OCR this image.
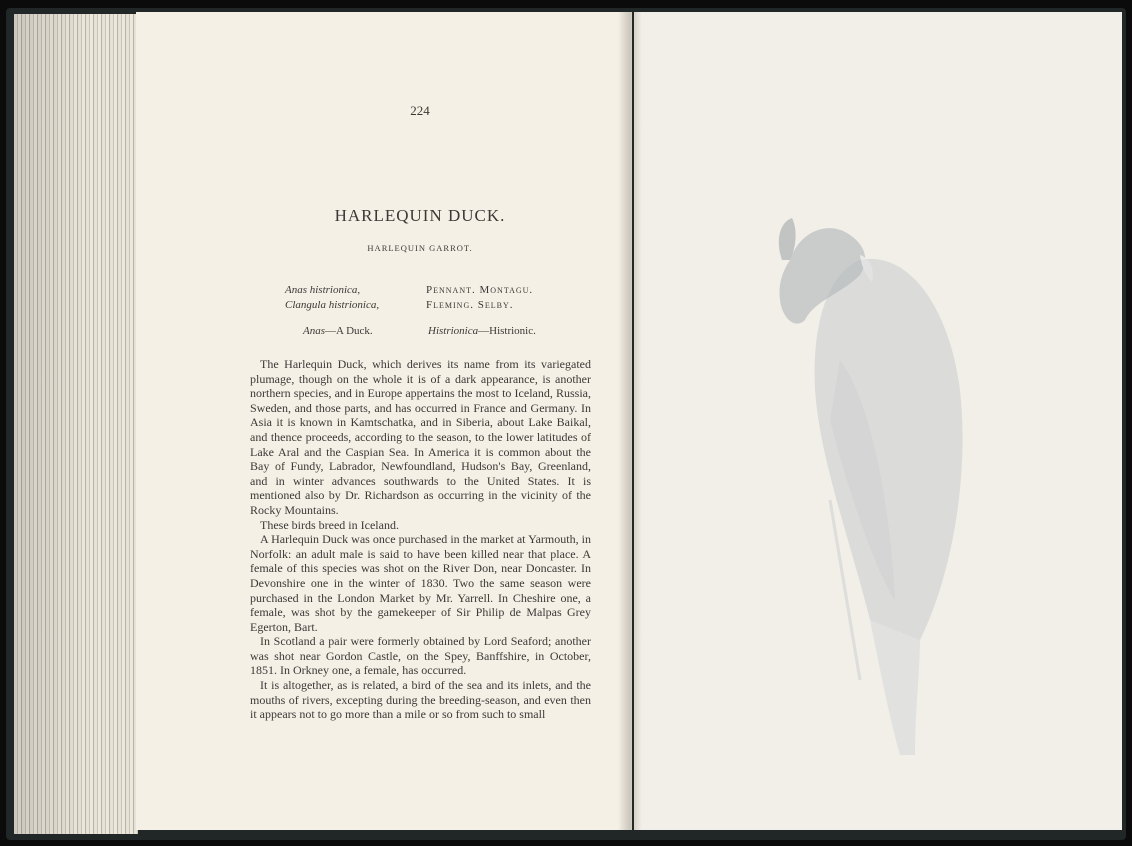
224
HARLEQUIN DUCK.
HARLEQUIN GARROT.
Anas histrionica,
Clangula histrionica,
Pennant. Montagu.
Fleming. Selby.
Anas—A Duck.	Histrionica—Histrionic.

The Harlequin Duck, which derives its name from its variegated plumage, though on the whole it is of a dark appearance, is another northern species, and in Europe appertains the most to Iceland, Russia, Sweden, and those parts, and has occurred in France and Germany. In Asia it is known in Kamtschatka, and in Siberia, about Lake Baikal, and thence proceeds, according to the season, to the lower latitudes of Lake Aral and the Caspian Sea. In America it is common about the Bay of Fundy, Labrador, Newfoundland, Hudson's Bay, Greenland, and in winter advances southwards to the United States. It is mentioned also by Dr. Richardson as occurring in the vicinity of the Rocky Mountains.

These birds breed in Iceland.

A Harlequin Duck was once purchased in the market at Yarmouth, in Norfolk: an adult male is said to have been killed near that place. A female of this species was shot on the River Don, near Doncaster. In Devonshire one in the winter of 1830. Two the same season were purchased in the London Market by Mr. Yarrell. In Cheshire one, a female, was shot by the gamekeeper of Sir Philip de Malpas Grey Egerton, Bart.

In Scotland a pair were formerly obtained by Lord Seaford; another was shot near Gordon Castle, on the Spey, Banffshire, in October, 1851. In Orkney one, a female, has occurred.

It is altogether, as is related, a bird of the sea and its inlets, and the mouths of rivers, excepting during the breeding-season, and even then it appears not to go more than a mile or so from such to small
